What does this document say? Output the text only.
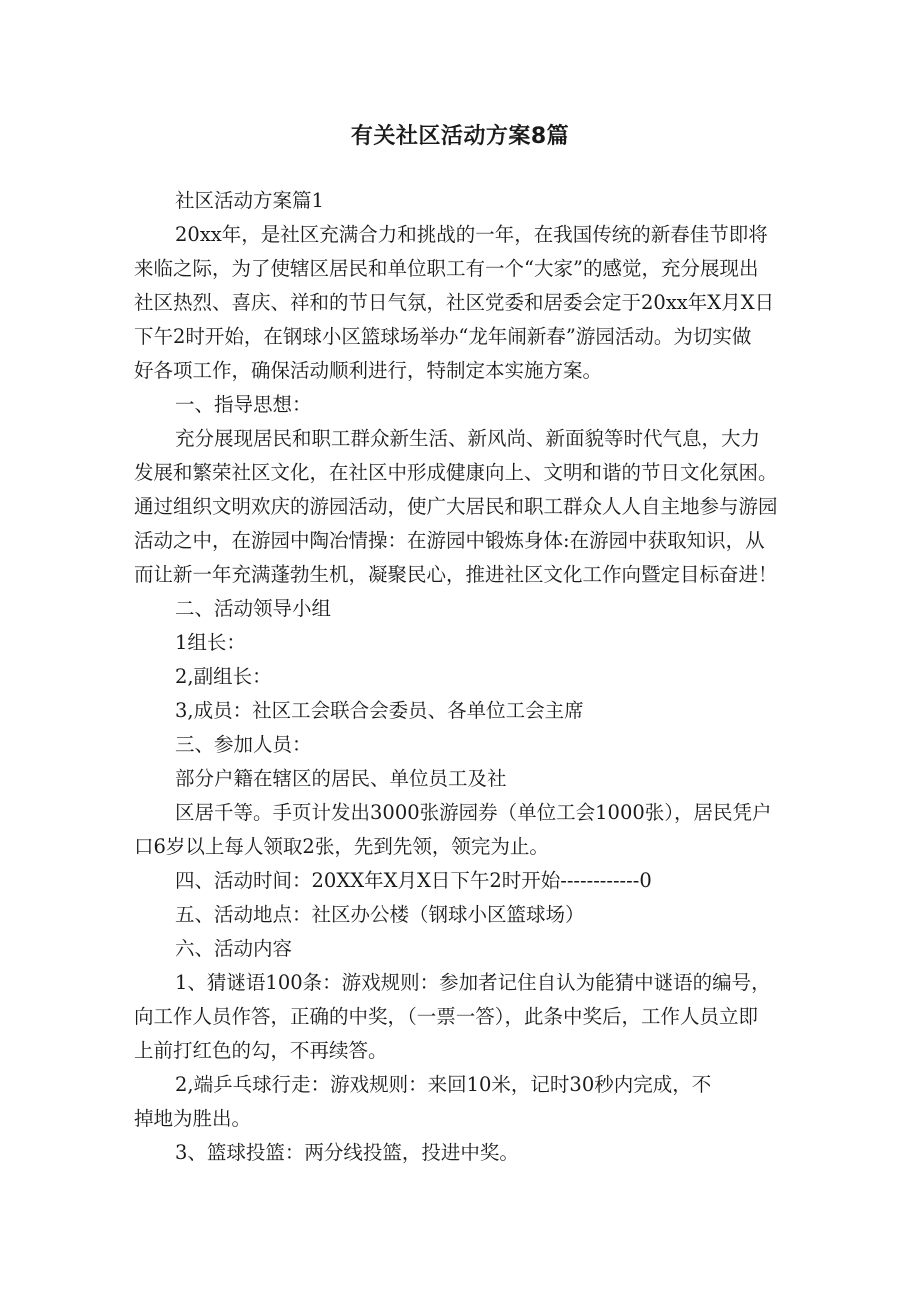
有关社区活动方案8篇
社区活动方案篇1
20xx年，是社区充满合力和挑战的一年，在我国传统的新春佳节即将
来临之际，为了使辖区居民和单位职工有一个“大家”的感觉，充分展现出
社区热烈、喜庆、祥和的节日气氛，社区党委和居委会定于20xx年X月X日
下午2时开始，在钢球小区篮球场举办“龙年闹新春”游园活动。为切实做
好各项工作，确保活动顺利进行，特制定本实施方案。
一、指导思想：
充分展现居民和职工群众新生活、新风尚、新面貌等时代气息，大力
发展和繁荣社区文化，在社区中形成健康向上、文明和谐的节日文化氛困。
通过组织文明欢庆的游园活动，使广大居民和职工群众人人自主地参与游园
活动之中，在游园中陶冶情操：在游园中锻炼身体:在游园中获取知识，从
而让新一年充满蓬勃生机，凝聚民心，推进社区文化工作向暨定目标奋进！
二、活动领导小组
1组长：
2,副组长：
3,成员：社区工会联合会委员、各单位工会主席
三、参加人员：
部分户籍在辖区的居民、单位员工及社
区居千等。手页计发出3000张游园券（单位工会1000张），居民凭户
口6岁以上每人领取2张，先到先领，领完为止。
四、活动时间：20XX年X月X日下午2时开始------------0
五、活动地点：社区办公楼（钢球小区篮球场）
六、活动内容
1、猜谜语100条：游戏规则：参加者记住自认为能猜中谜语的编号，
向工作人员作答，正确的中奖，（一票一答），此条中奖后，工作人员立即
上前打红色的勾，不再续答。
2,端乒乓球行走：游戏规则：来回10米，记时30秒内完成，不
掉地为胜出。
3、篮球投篮：两分线投篮，投进中奖。
